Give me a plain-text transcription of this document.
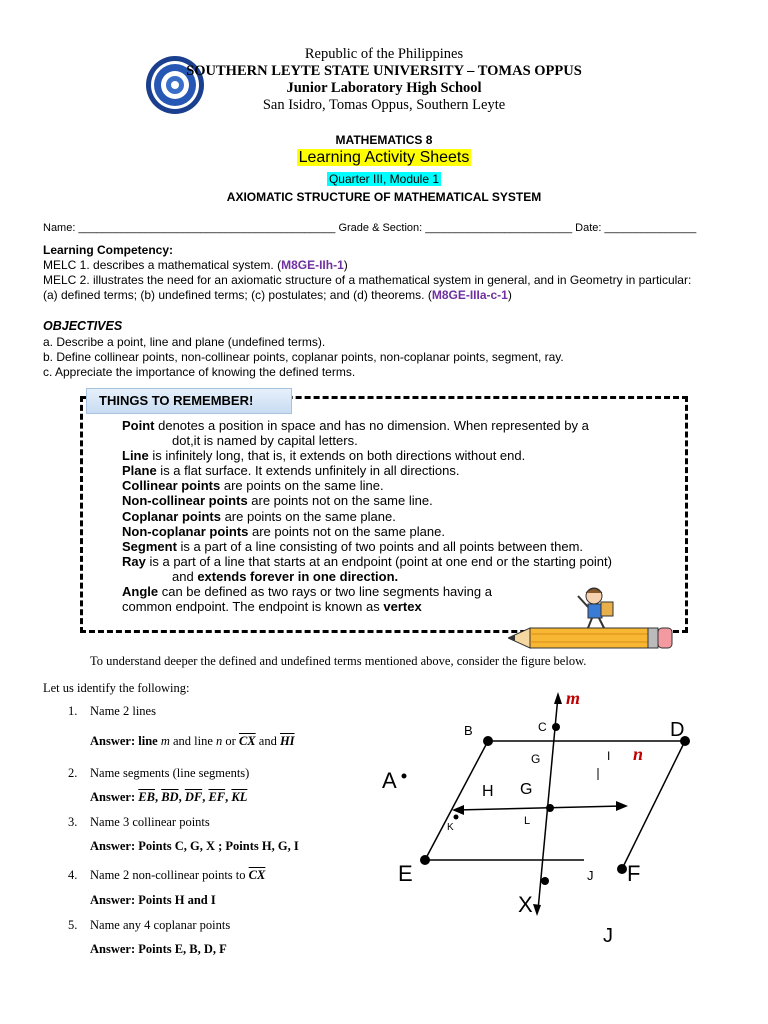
Republic of the Philippines
SOUTHERN LEYTE STATE UNIVERSITY – TOMAS OPPUS
Junior Laboratory High School
San Isidro, Tomas Oppus, Southern Leyte
MATHEMATICS 8
Learning Activity Sheets
Quarter III, Module 1
AXIOMATIC STRUCTURE OF MATHEMATICAL SYSTEM
Name: __________________________________________ Grade & Section: ________________________ Date: _______________
Learning Competency:
MELC 1. describes a mathematical system. (M8GE-IIh-1)
MELC 2. illustrates the need for an axiomatic structure of a mathematical system in general, and in Geometry in particular:
(a) defined terms; (b) undefined terms; (c) postulates; and (d) theorems. (M8GE-IIIa-c-1)
OBJECTIVES
a. Describe a point, line and plane (undefined terms).
b. Define collinear points, non-collinear points, coplanar points, non-coplanar points, segment, ray.
c. Appreciate the importance of knowing the defined terms.
THINGS TO REMEMBER!
Point denotes a position in space and has no dimension. When represented by a
dot,it is named by capital letters.
Line is infinitely long, that is, it extends on both directions without end.
Plane is a flat surface. It extends unfinitely in all directions.
Collinear points are points on the same line.
Non-collinear points are points not on the same line.
Coplanar points are points on the same plane.
Non-coplanar points are points not on the same plane.
Segment is a part of a line consisting of two points and all points between them.
Ray is a part of a line that starts at an endpoint (point at one end or the starting point)
and extends forever in one direction.
Angle can be defined as two rays or two line segments having a
common endpoint. The endpoint is known as vertex
To understand deeper the defined and undefined terms mentioned above, consider the figure below.
Let us identify the following:
1. Name 2 lines
Answer: line m and line n or $\overline{CX}$ and $\overline{HI}$
2. Name segments (line segments)
Answer: $\overline{EB}$, $\overline{BD}$, $\overline{DF}$, $\overline{EF}$, $\overline{KL}$
3. Name 3 collinear points
Answer: Points C, G, X ; Points H, G, I
4. Name 2 non-collinear points to $\overline{CX}$
Answer: Points H and I
5. Name any 4 coplanar points
Answer: Points E, B, D, F
m
n
A
B	C	D
G	I
H G
K
L
E	J F
X
J
